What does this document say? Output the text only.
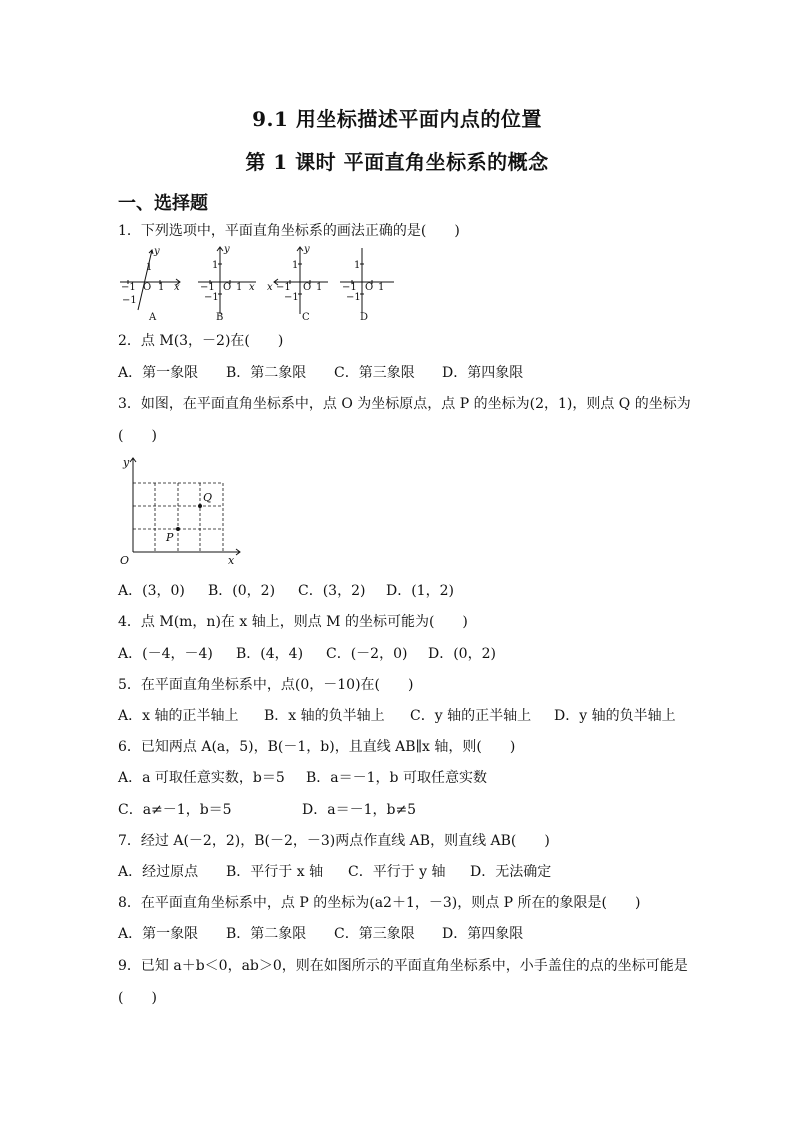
9.1 用坐标描述平面内点的位置
第 1 课时 平面直角坐标系的概念
一、选择题
1．下列选项中，平面直角坐标系的画法正确的是(　　)
y
−1 O 1 x
−1
1
y
1
−1 O 1 x
−1
y
1
x −1 O 1
−1
1
−1 O 1
−1
A	B	C	D
2．点 M(3，－2)在(　　)
A．第一象限 B．第二象限 C．第三象限 D．第四象限
3．如图，在平面直角坐标系中，点 O 为坐标原点，点 P 的坐标为(2，1)，则点 Q 的坐标为
(　　)
y
O	x
P
Q
A．(3，0) B．(0，2) C．(3，2) D．(1，2)
4．点 M(m，n)在 x 轴上，则点 M 的坐标可能为(　　)
A．(－4，－4) B．(4，4) C．(－2，0) D．(0，2)
5．在平面直角坐标系中，点(0，－10)在(　　)
A．x 轴的正半轴上 B．x 轴的负半轴上 C．y 轴的正半轴上 D．y 轴的负半轴上
6．已知两点 A(a，5)，B(－1，b)，且直线 AB∥x 轴，则(　　)
A．a 可取任意实数，b＝5 B．a＝－1，b 可取任意实数
C．a≠－1，b＝5	D．a＝－1，b≠5
7．经过 A(－2，2)，B(－2，－3)两点作直线 AB，则直线 AB(　　)
A．经过原点 B．平行于 x 轴 C．平行于 y 轴 D．无法确定
8．在平面直角坐标系中，点 P 的坐标为(a2＋1，－3)，则点 P 所在的象限是(　　)
A．第一象限 B．第二象限 C．第三象限 D．第四象限
9．已知 a＋b＜0，ab＞0，则在如图所示的平面直角坐标系中，小手盖住的点的坐标可能是
(　　)
